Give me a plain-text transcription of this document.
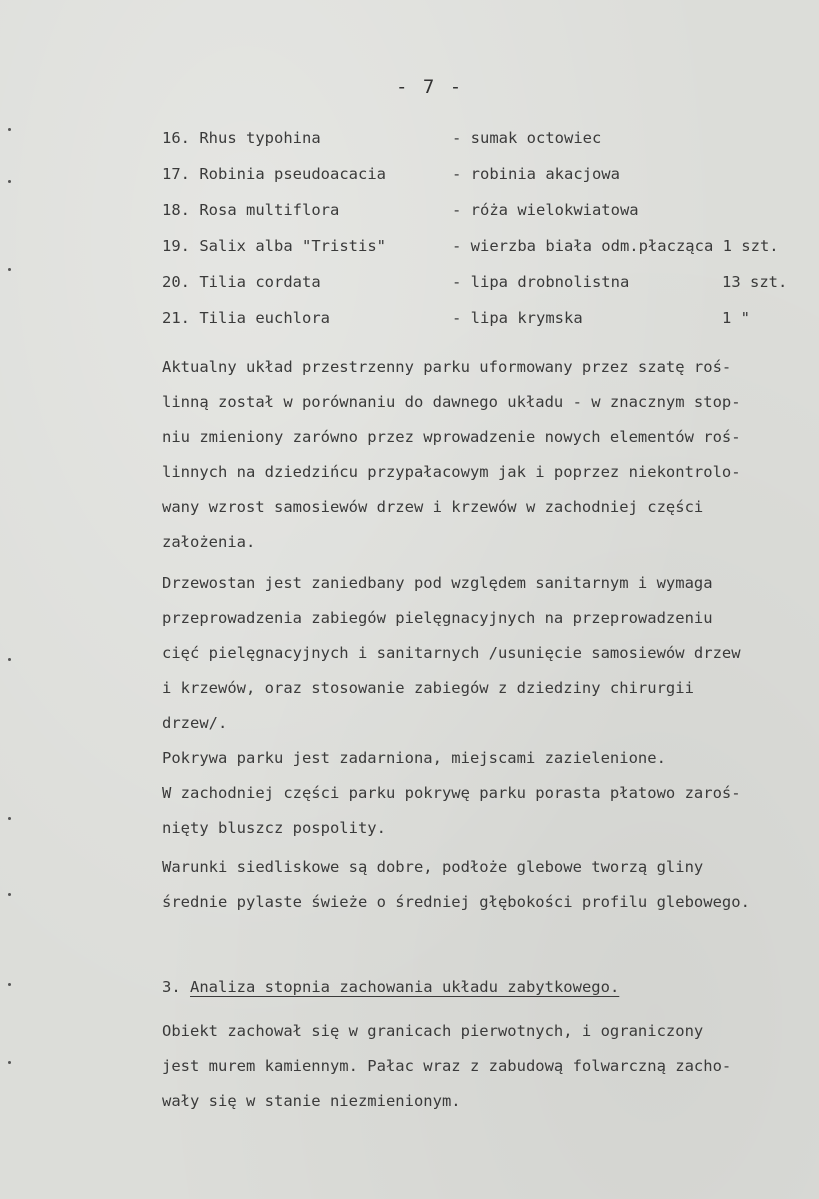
- 7 -
16. Rhus typohina	- sumak octowiec
17. Robinia pseudoacacia	- robinia akacjowa
18. Rosa multiflora	- róża wielokwiatowa
19. Salix alba "Tristis"	- wierzba biała odm.płacząca 1 szt.
20. Tilia cordata	- lipa drobnolistna	13 szt.
21. Tilia euchlora	- lipa krymska	1 "
Aktualny układ przestrzenny parku uformowany przez szatę roś-
linną został w porównaniu do dawnego układu - w znacznym stop-
niu zmieniony zarówno przez wprowadzenie nowych elementów roś-
linnych na dziedzińcu przypałacowym jak i poprzez niekontrolo-
wany wzrost samosiewów drzew i krzewów w zachodniej części
założenia.
Drzewostan jest zaniedbany pod względem sanitarnym i wymaga
przeprowadzenia zabiegów pielęgnacyjnych na przeprowadzeniu
cięć pielęgnacyjnych i sanitarnych /usunięcie samosiewów drzew
i krzewów, oraz stosowanie zabiegów z dziedziny chirurgii
drzew/.
Pokrywa parku jest zadarniona, miejscami zazielenione.
W zachodniej części parku pokrywę parku porasta płatowo zaroś-
nięty bluszcz pospolity.
Warunki siedliskowe są dobre, podłoże glebowe tworzą gliny
średnie pylaste świeże o średniej głębokości profilu glebowego.
3. Analiza stopnia zachowania układu zabytkowego.
Obiekt zachował się w granicach pierwotnych, i ograniczony
jest murem kamiennym. Pałac wraz z zabudową folwarczną zacho-
wały się w stanie niezmienionym.
